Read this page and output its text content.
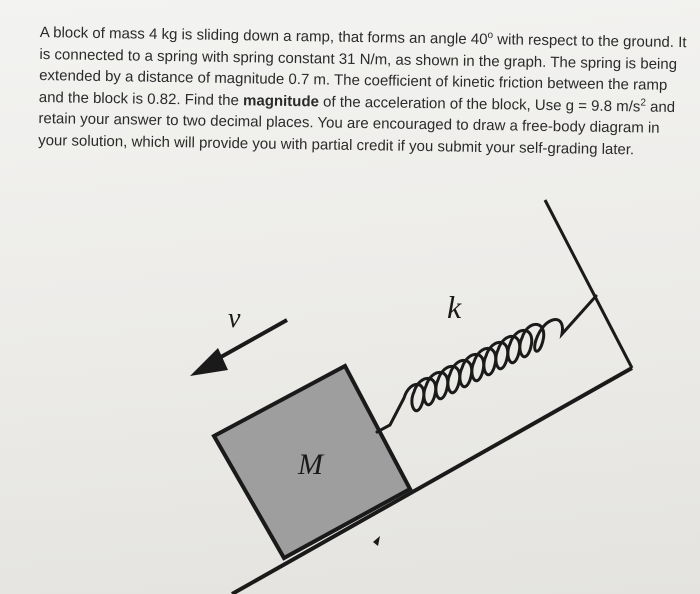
A block of mass 4 kg is sliding down a ramp, that forms an angle 40$^o$ with respect to the ground. It is connected to a spring with spring constant 31 N/m, as shown in the graph. The spring is being extended by a distance of magnitude 0.7 m. The coefficient of kinetic friction between the ramp and the block is 0.82. Find the magnitude of the acceleration of the block, Use g = 9.8 $m/s^2$ and retain your answer to two decimal places. You are encouraged to draw a free-body diagram in your solution, which will provide you with partial credit if you submit your self-grading later.

M
k
v⃗
